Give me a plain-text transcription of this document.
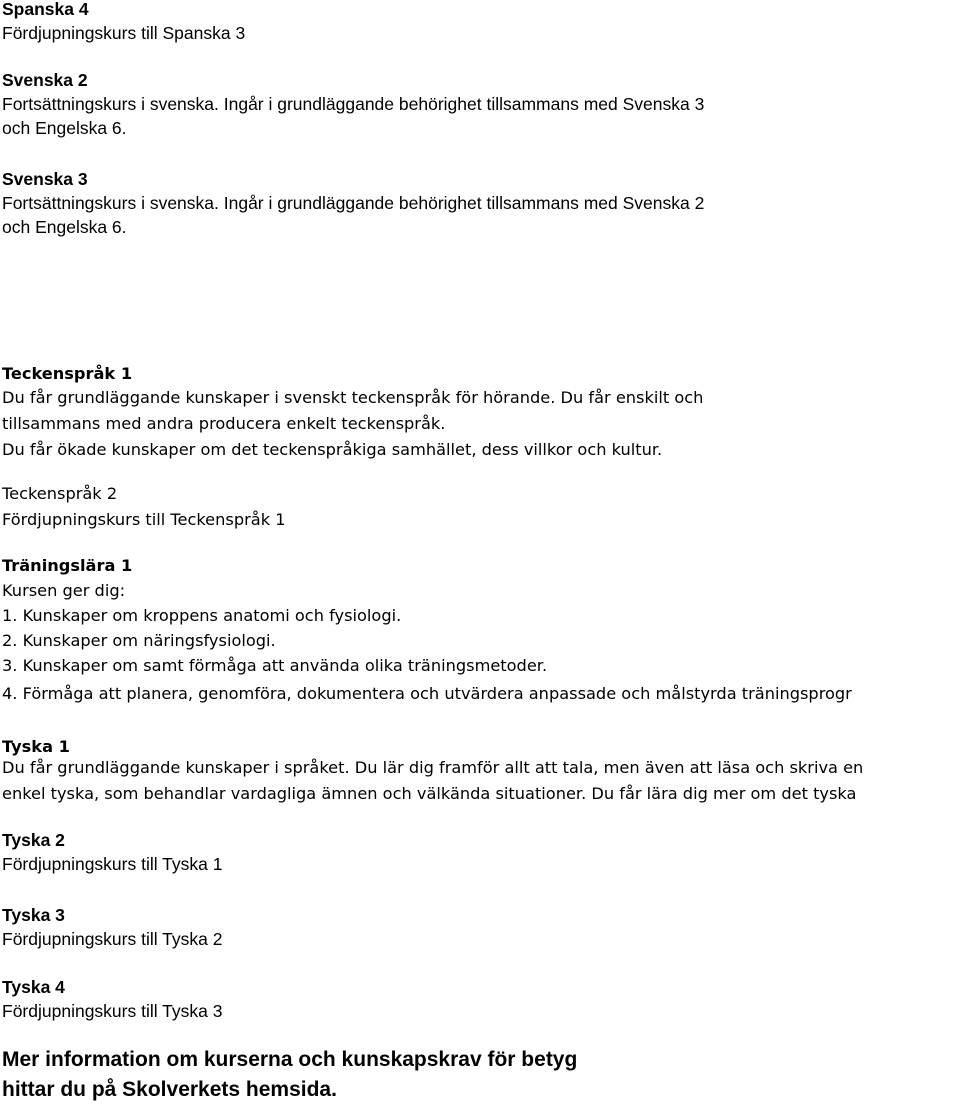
Spanska 4
Fördjupningskurs till Spanska 3
Svenska 2
Fortsättningskurs i svenska. Ingår i grundläggande behörighet tillsammans med Svenska 3
och Engelska 6.
Svenska 3
Fortsättningskurs i svenska. Ingår i grundläggande behörighet tillsammans med Svenska 2
och Engelska 6.
Teckenspråk 1
Du får grundläggande kunskaper i svenskt teckenspråk för hörande. Du får enskilt och
tillsammans med andra producera enkelt teckenspråk.
Du får ökade kunskaper om det teckenspråkiga samhället, dess villkor och kultur.
Teckenspråk 2
Fördjupningskurs till Teckenspråk 1
Träningslära 1
Kursen ger dig:
1. Kunskaper om kroppens anatomi och fysiologi.
2. Kunskaper om näringsfysiologi.
3. Kunskaper om samt förmåga att använda olika träningsmetoder.
4. Förmåga att planera, genomföra, dokumentera och utvärdera anpassade och målstyrda träningsprogr
Tyska 1
Du får grundläggande kunskaper i språket. Du lär dig framför allt att tala, men även att läsa och skriva en
enkel tyska, som behandlar vardagliga ämnen och välkända situationer. Du får lära dig mer om det tyska
Tyska 2
Fördjupningskurs till Tyska 1
Tyska 3
Fördjupningskurs till Tyska 2
Tyska 4
Fördjupningskurs till Tyska 3
Mer information om kurserna och kunskapskrav för betyg
hittar du på Skolverkets hemsida.
